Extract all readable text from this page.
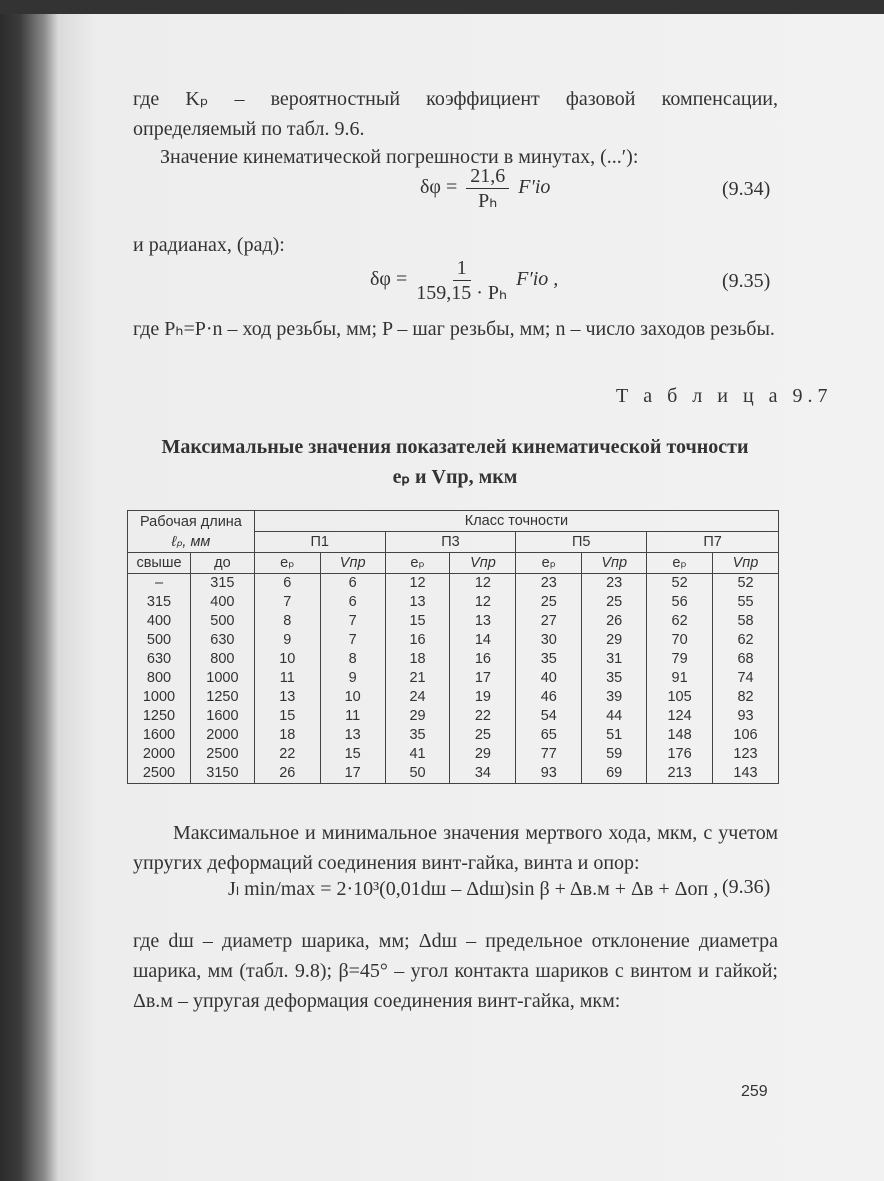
где Kₚ – вероятностный коэффициент фазовой компенсации, определяемый по табл. 9.6.
Значение кинематической погрешности в минутах, (...′):
$\delta\varphi = \frac{21,6}{\text{Pₕ}} F'io$	(9.34)
и радианах, (рад):
$\delta\varphi = \frac{1}{\text{159,15 · Pₕ}} F'io$ ,	(9.35)
где Pₕ=P·n – ход резьбы, мм; P – шаг резьбы, мм; n – число заходов резьбы.
Т а б л и ц а 9.7
Максимальные значения показателей кинематической точности
eₚ и Vпр, мкм
Рабочая длина
ℓₚ, мм		Класс точности							
		П1		П3		П5		П7	
свыше	до	eₚ	Vпр	eₚ	Vпр	eₚ	Vпр	eₚ	Vпр
–	315	6	6	12	12	23	23	52	52
315	400	7	6	13	12	25	25	56	55
400	500	8	7	15	13	27	26	62	58
500	630	9	7	16	14	30	29	70	62
630	800	10	8	18	16	35	31	79	68
800	1000	11	9	21	17	40	35	91	74
1000	1250	13	10	24	19	46	39	105	82
1250	1600	15	11	29	22	54	44	124	93
1600	2000	18	13	35	25	65	51	148	106
2000	2500	22	15	41	29	77	59	176	123
2500	3150	26	17	50	34	93	69	213	143
Максимальное и минимальное значения мертвого хода, мкм, с учетом упругих деформаций соединения винт-гайка, винта и опор:
Jₗ min/max = 2·10³(0,01dш – Δdш)sin β + Δв.м + Δв + Δоп , (9.36)
где dш – диаметр шарика, мм; Δdш – предельное отклонение диаметра шарика, мм (табл. 9.8); β=45° – угол контакта шариков с винтом и гайкой; Δв.м – упругая деформация соединения винт-гайка, мкм:
259
